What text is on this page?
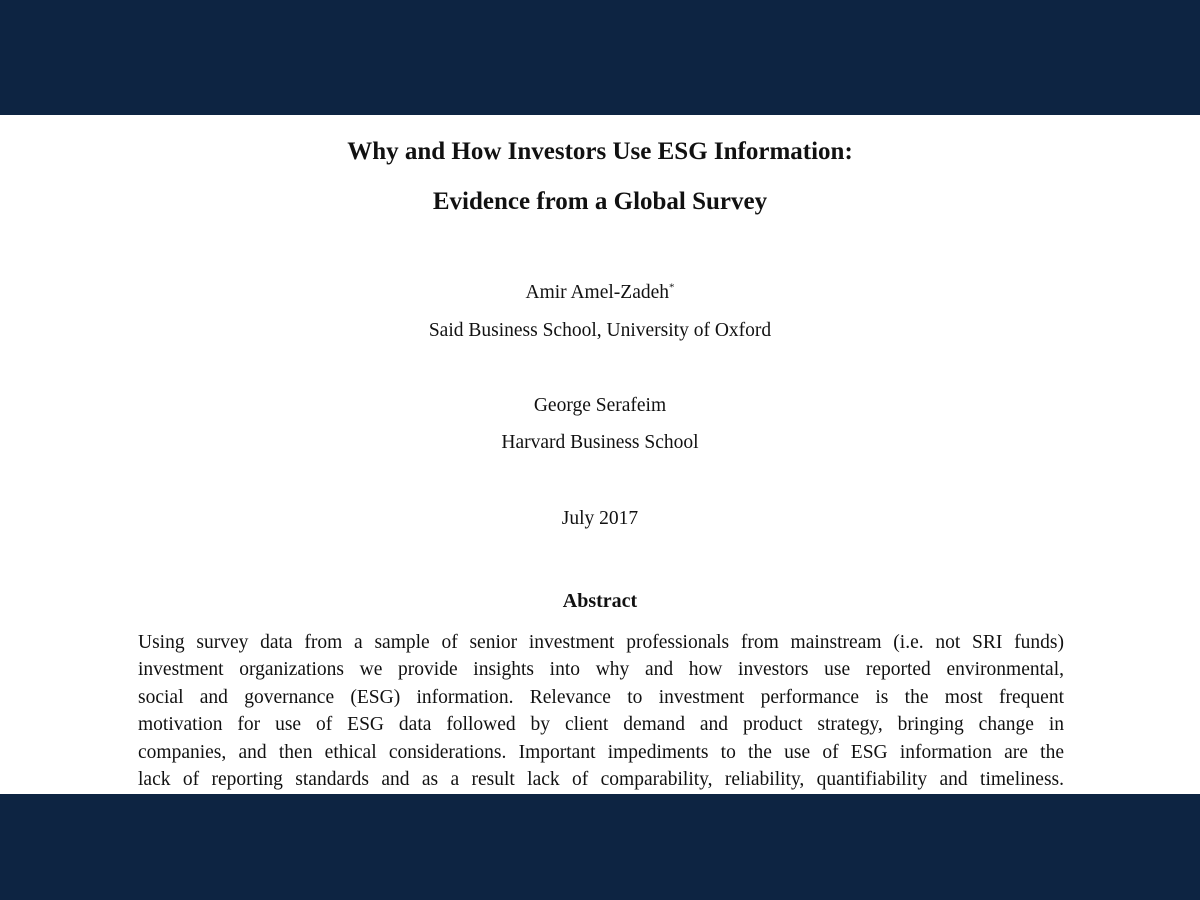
Why and How Investors Use ESG Information:
Evidence from a Global Survey
Amir Amel-Zadeh*
Said Business School, University of Oxford
George Serafeim
Harvard Business School
July 2017
Abstract
Using survey data from a sample of senior investment professionals from mainstream (i.e. not SRI funds)
investment organizations we provide insights into why and how investors use reported environmental,
social and governance (ESG) information. Relevance to investment performance is the most frequent
motivation for use of ESG data followed by client demand and product strategy, bringing change in
companies, and then ethical considerations. Important impediments to the use of ESG information are the
lack of reporting standards and as a result lack of comparability, reliability, quantifiability and timeliness.
